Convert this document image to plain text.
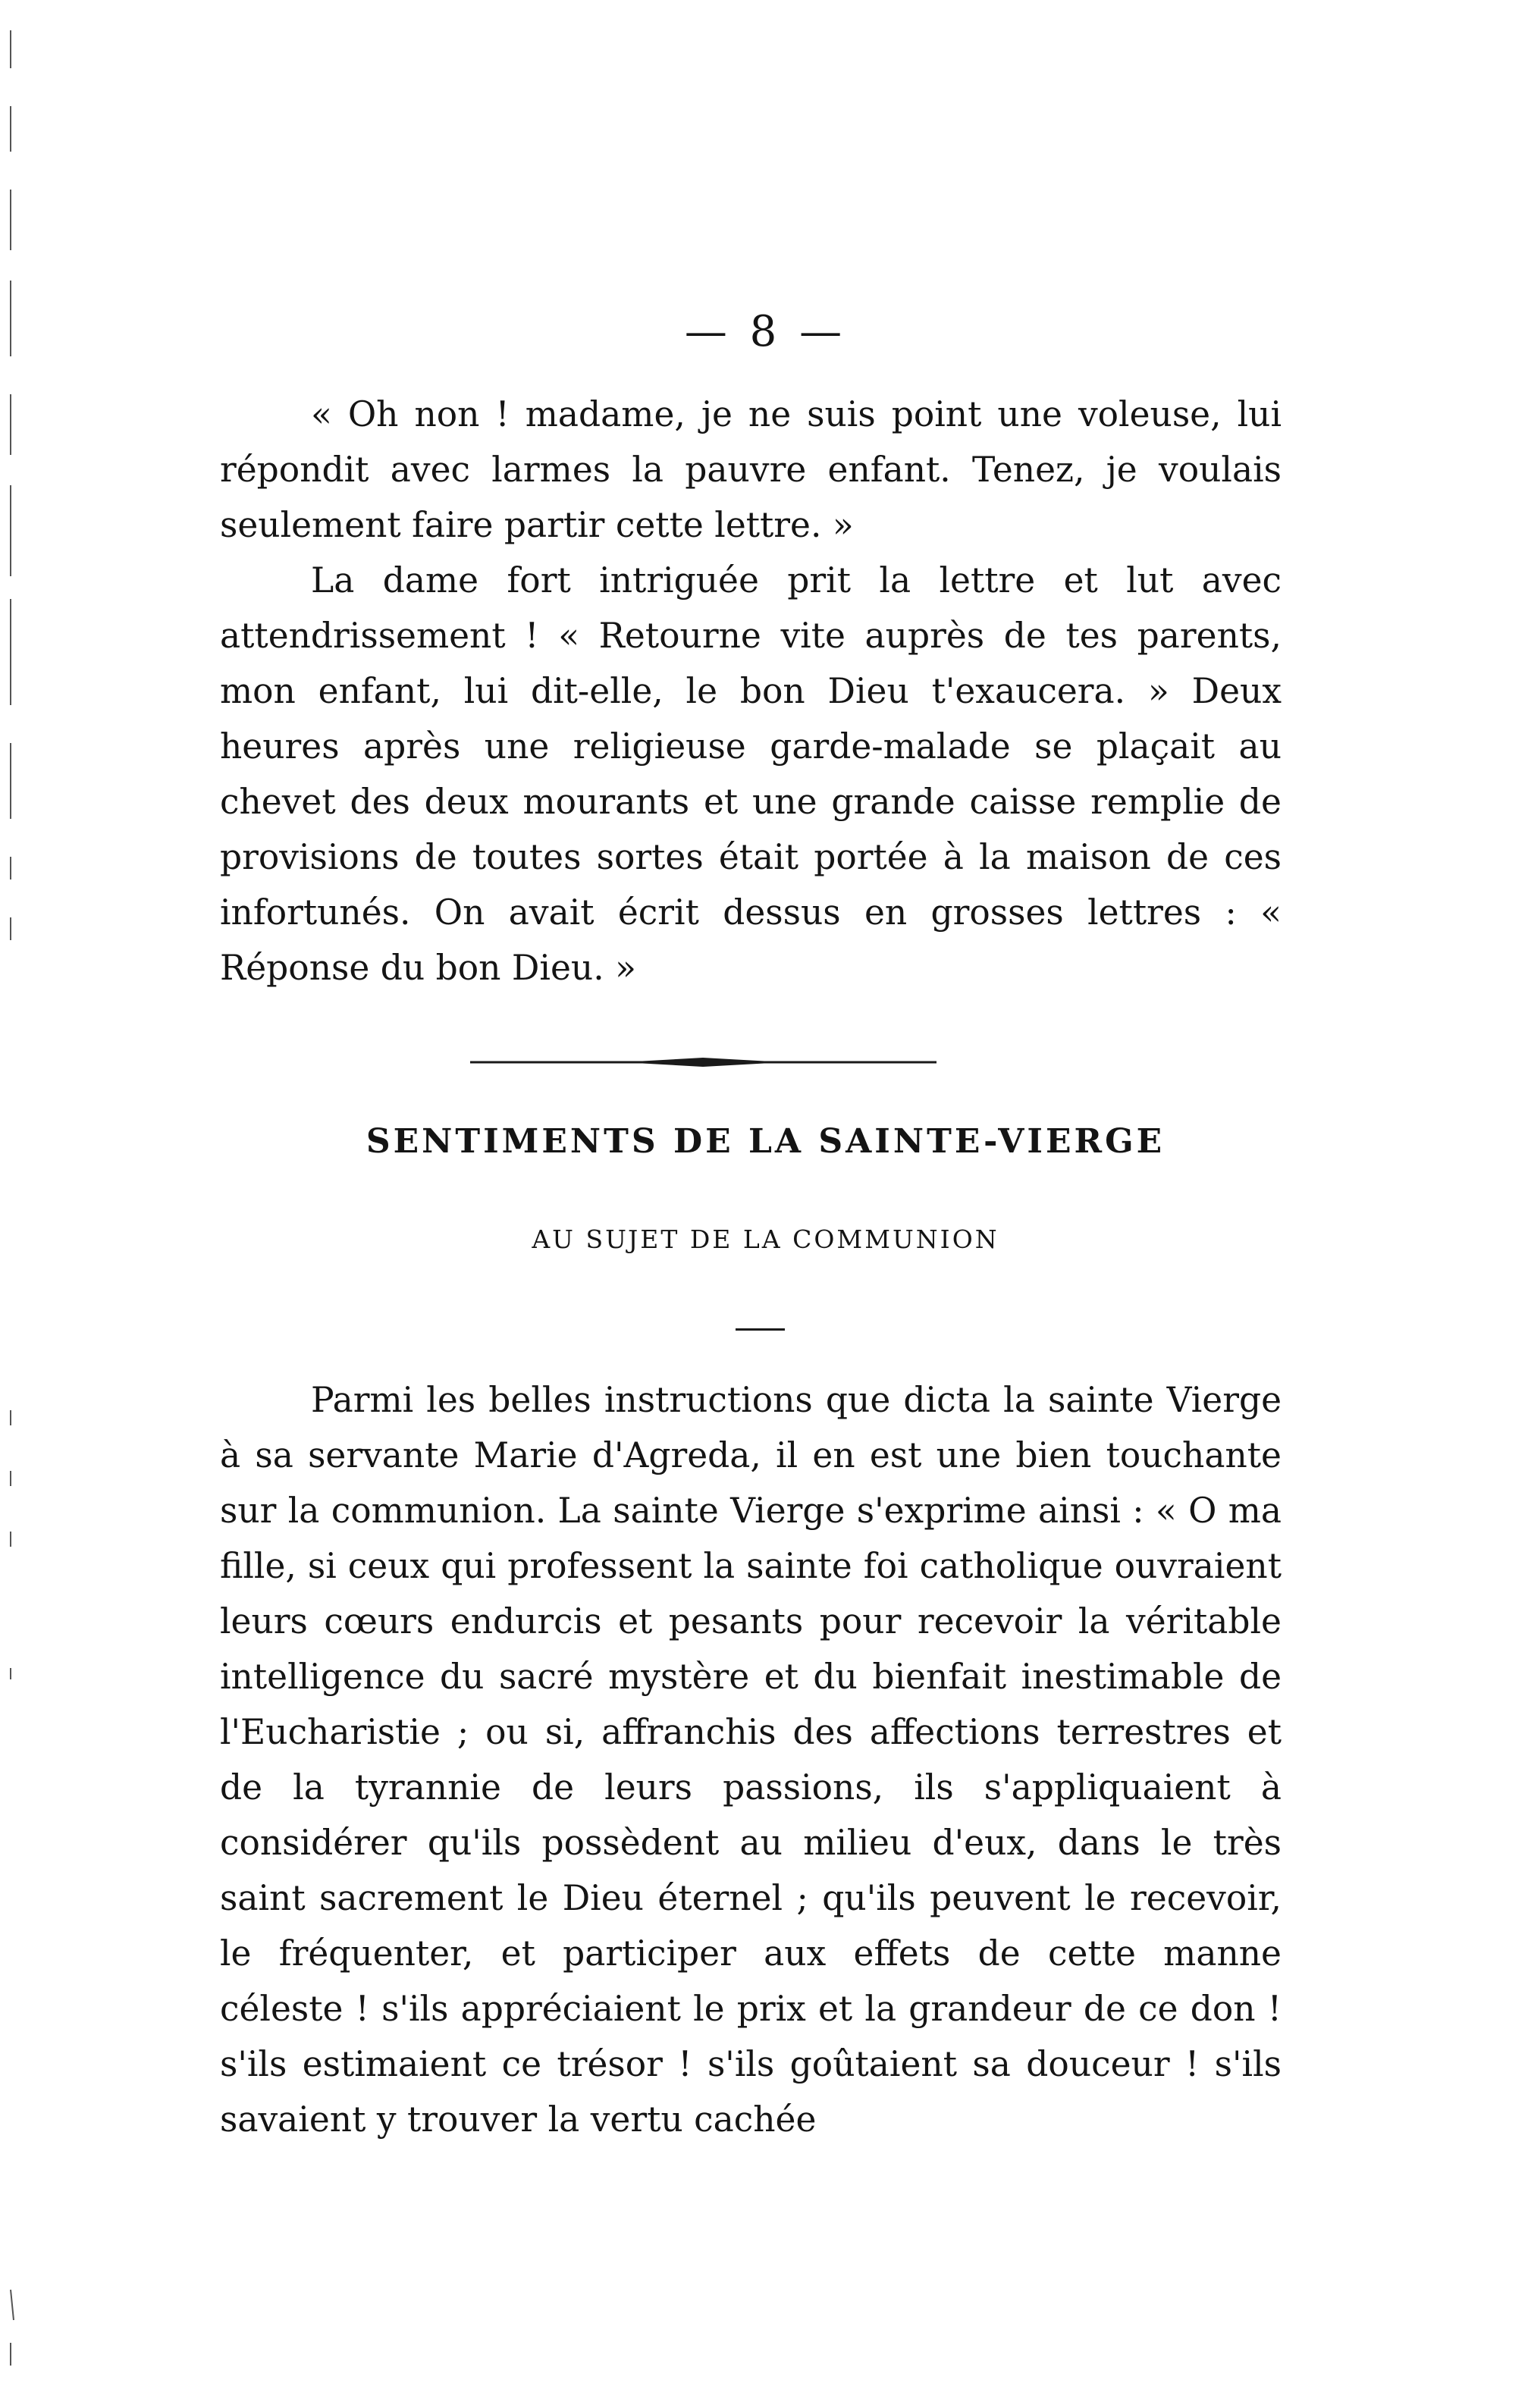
— 8 —

« Oh non ! madame, je ne suis point une voleuse, lui répondit avec larmes la pauvre enfant. Tenez, je voulais seulement faire partir cette lettre. »

La dame fort intriguée prit la lettre et lut avec attendrissement ! « Retourne vite auprès de tes parents, mon enfant, lui dit-elle, le bon Dieu t'exaucera. » Deux heures après une religieuse garde-malade se plaçait au chevet des deux mourants et une grande caisse remplie de provisions de toutes sortes était portée à la maison de ces infortunés. On avait écrit dessus en grosses lettres : « Réponse du bon Dieu. »

SENTIMENTS DE LA SAINTE-VIERGE
AU SUJET DE LA COMMUNION

Parmi les belles instructions que dicta la sainte Vierge à sa servante Marie d'Agreda, il en est une bien touchante sur la communion. La sainte Vierge s'exprime ainsi : « O ma fille, si ceux qui professent la sainte foi catholique ouvraient leurs cœurs endurcis et pesants pour recevoir la véritable intelligence du sacré mystère et du bienfait inestimable de l'Eucharistie ; ou si, affranchis des affections terrestres et de la tyrannie de leurs passions, ils s'appliquaient à considérer qu'ils possèdent au milieu d'eux, dans le très saint sacrement le Dieu éternel ; qu'ils peuvent le recevoir, le fréquenter, et participer aux effets de cette manne céleste ! s'ils appréciaient le prix et la grandeur de ce don ! s'ils estimaient ce trésor ! s'ils goûtaient sa douceur ! s'ils savaient y trouver la vertu cachée
